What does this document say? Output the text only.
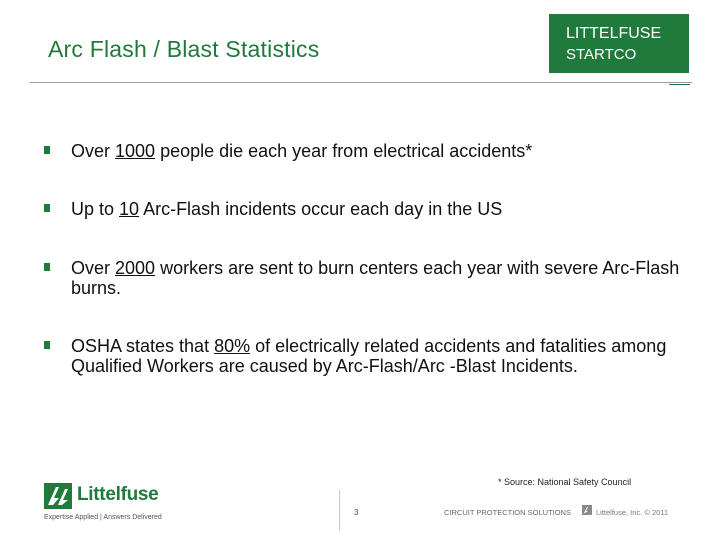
Arc Flash / Blast Statistics
LITTELFUSE
STARTCO
Over 1000 people die each year from electrical accidents*
Up to 10 Arc-Flash incidents occur each day in the US
Over 2000 workers are sent to burn centers each year with severe Arc-Flash burns.
OSHA states that 80% of electrically related accidents and fatalities among Qualified Workers are caused by Arc-Flash/Arc -Blast Incidents.
* Source: National Safety Council
Littelfuse
Expertise Applied | Answers Delivered
3	CIRCUIT PROTECTION SOLUTIONS	Littelfuse, Inc. © 2011
